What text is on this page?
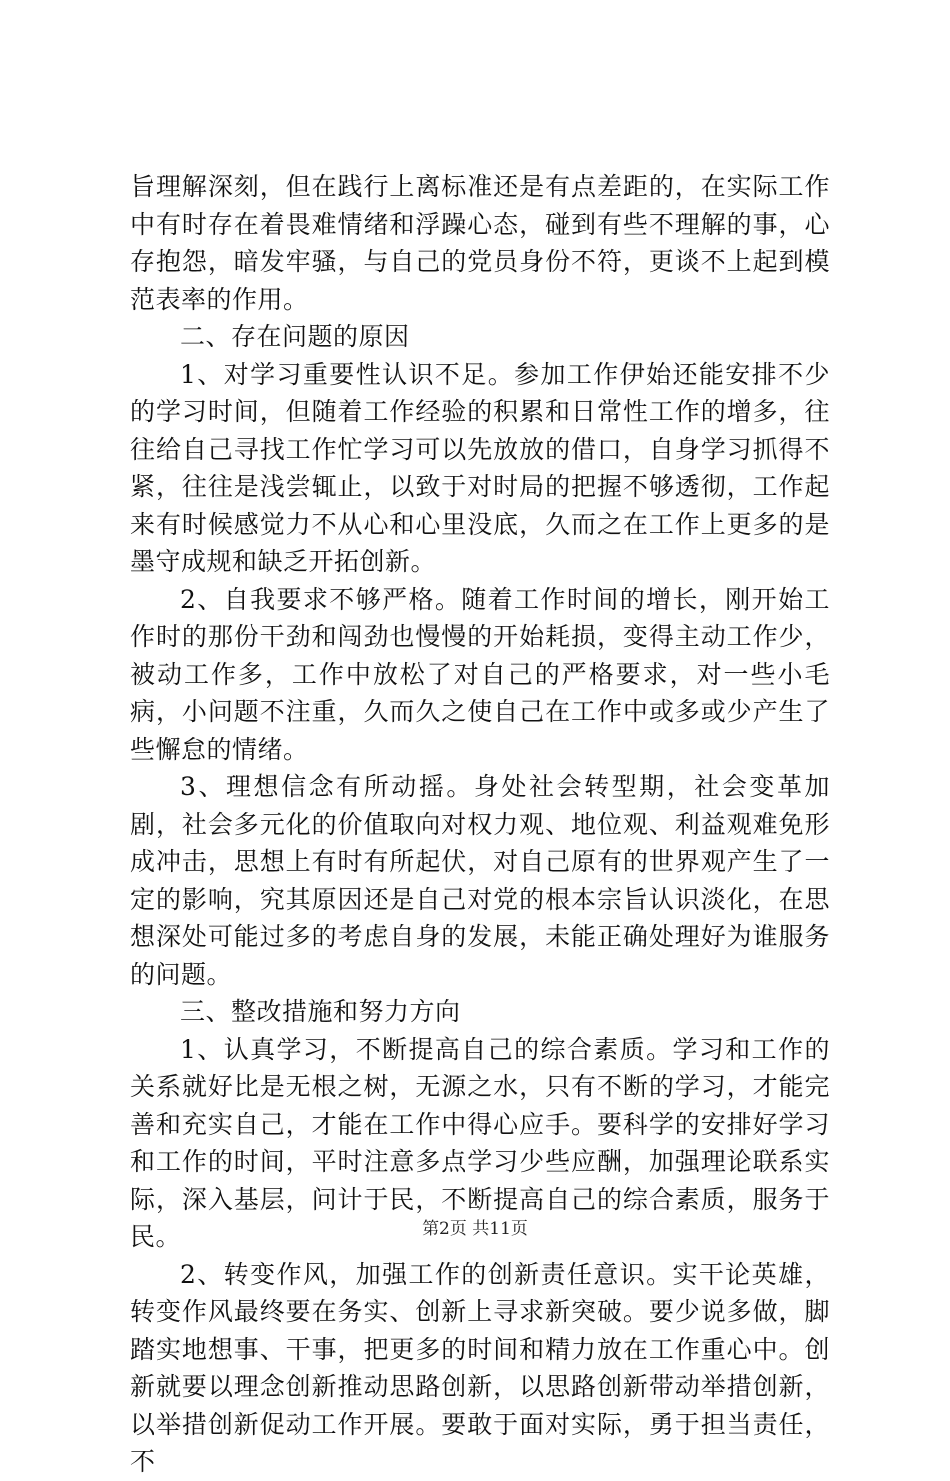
旨理解深刻，但在践行上离标准还是有点差距的，在实际工作中有时存在着畏难情绪和浮躁心态，碰到有些不理解的事，心存抱怨，暗发牢骚，与自己的党员身份不符，更谈不上起到模范表率的作用。

二、存在问题的原因

1、对学习重要性认识不足。参加工作伊始还能安排不少的学习时间，但随着工作经验的积累和日常性工作的增多，往往给自己寻找工作忙学习可以先放放的借口，自身学习抓得不紧，往往是浅尝辄止，以致于对时局的把握不够透彻，工作起来有时候感觉力不从心和心里没底，久而之在工作上更多的是墨守成规和缺乏开拓创新。

2、自我要求不够严格。随着工作时间的增长，刚开始工作时的那份干劲和闯劲也慢慢的开始耗损，变得主动工作少，被动工作多，工作中放松了对自己的严格要求，对一些小毛病，小问题不注重，久而久之使自己在工作中或多或少产生了些懈怠的情绪。

3、理想信念有所动摇。身处社会转型期，社会变革加剧，社会多元化的价值取向对权力观、地位观、利益观难免形成冲击，思想上有时有所起伏，对自己原有的世界观产生了一定的影响，究其原因还是自己对党的根本宗旨认识淡化，在思想深处可能过多的考虑自身的发展，未能正确处理好为谁服务的问题。

三、整改措施和努力方向

1、认真学习，不断提高自己的综合素质。学习和工作的关系就好比是无根之树，无源之水，只有不断的学习，才能完善和充实自己，才能在工作中得心应手。要科学的安排好学习和工作的时间，平时注意多点学习少些应酬，加强理论联系实际，深入基层，问计于民，不断提高自己的综合素质，服务于民。

2、转变作风，加强工作的创新责任意识。实干论英雄，转变作风最终要在务实、创新上寻求新突破。要少说多做，脚踏实地想事、干事，把更多的时间和精力放在工作重心中。创新就要以理念创新推动思路创新，以思路创新带动举措创新，以举措创新促动工作开展。要敢于面对实际，勇于担当责任，不

第2页 共11页
